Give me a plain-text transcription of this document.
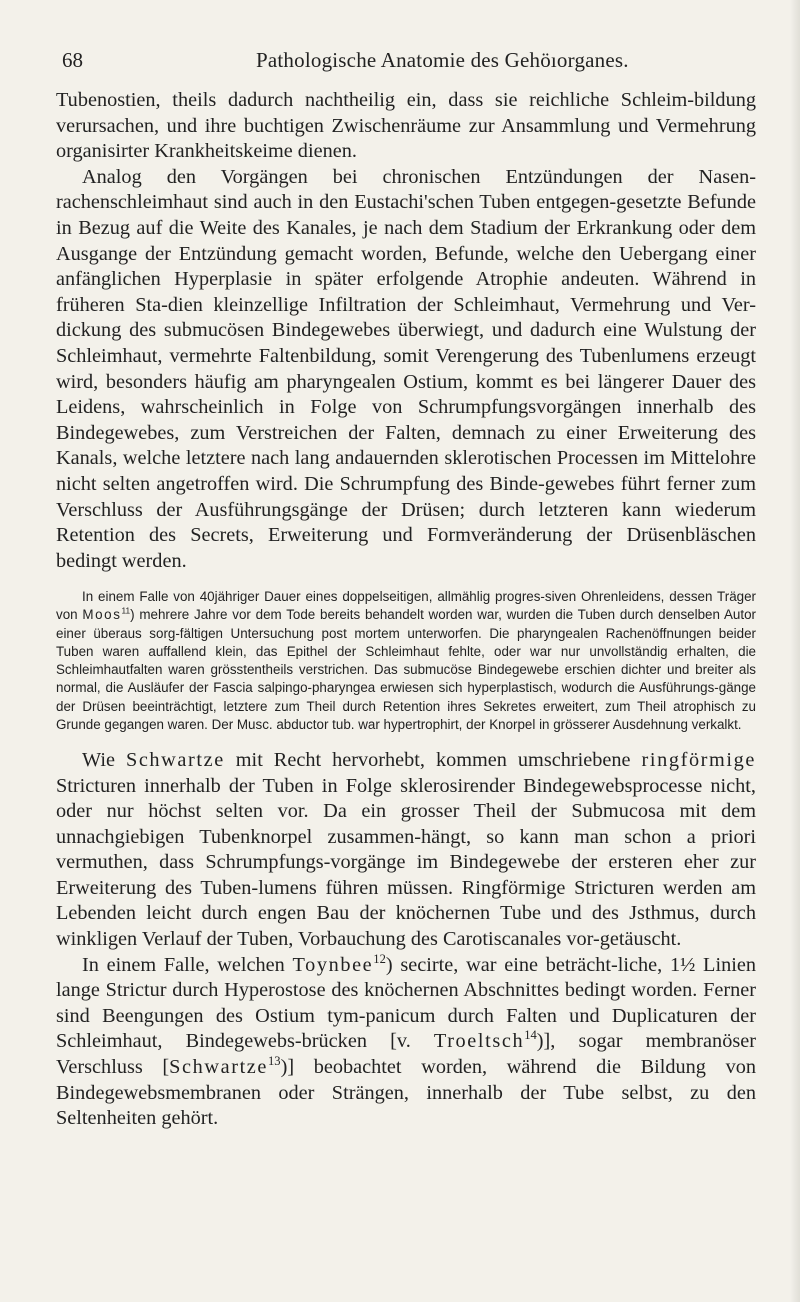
68	Pathologische Anatomie des Gehöıorganes.

Tubenostien, theils dadurch nachtheilig ein, dass sie reichliche Schleim-bildung verursachen, und ihre buchtigen Zwischenräume zur Ansammlung und Vermehrung organisirter Krankheitskeime dienen.

Analog den Vorgängen bei chronischen Entzündungen der Nasen-rachenschleimhaut sind auch in den Eustachi'schen Tuben entgegen-gesetzte Befunde in Bezug auf die Weite des Kanales, je nach dem Stadium der Erkrankung oder dem Ausgange der Entzündung gemacht worden, Befunde, welche den Uebergang einer anfänglichen Hyperplasie in später erfolgende Atrophie andeuten. Während in früheren Sta-dien kleinzellige Infiltration der Schleimhaut, Vermehrung und Ver-dickung des submucösen Bindegewebes überwiegt, und dadurch eine Wulstung der Schleimhaut, vermehrte Faltenbildung, somit Verengerung des Tubenlumens erzeugt wird, besonders häufig am pharyngealen Ostium, kommt es bei längerer Dauer des Leidens, wahrscheinlich in Folge von Schrumpfungsvorgängen innerhalb des Bindegewebes, zum Verstreichen der Falten, demnach zu einer Erweiterung des Kanals, welche letztere nach lang andauernden sklerotischen Processen im Mittelohre nicht selten angetroffen wird. Die Schrumpfung des Binde-gewebes führt ferner zum Verschluss der Ausführungsgänge der Drüsen; durch letzteren kann wiederum Retention des Secrets, Erweiterung und Formveränderung der Drüsenbläschen bedingt werden.

In einem Falle von 40jähriger Dauer eines doppelseitigen, allmählig progres-siven Ohrenleidens, dessen Träger von Moos$^{11}$) mehrere Jahre vor dem Tode bereits behandelt worden war, wurden die Tuben durch denselben Autor einer überaus sorg-fältigen Untersuchung post mortem unterworfen. Die pharyngealen Rachenöffnungen beider Tuben waren auffallend klein, das Epithel der Schleimhaut fehlte, oder war nur unvollständig erhalten, die Schleimhautfalten waren grösstentheils verstrichen. Das submucöse Bindegewebe erschien dichter und breiter als normal, die Ausläufer der Fascia salpingo-pharyngea erwiesen sich hyperplastisch, wodurch die Ausführungs-gänge der Drüsen beeinträchtigt, letztere zum Theil durch Retention ihres Sekretes erweitert, zum Theil atrophisch zu Grunde gegangen waren. Der Musc. abductor tub. war hypertrophirt, der Knorpel in grösserer Ausdehnung verkalkt.

Wie Schwartze mit Recht hervorhebt, kommen umschriebene ringförmige Stricturen innerhalb der Tuben in Folge sklerosirender Bindegewebsprocesse nicht, oder nur höchst selten vor. Da ein grosser Theil der Submucosa mit dem unnachgiebigen Tubenknorpel zusammen-hängt, so kann man schon a priori vermuthen, dass Schrumpfungs-vorgänge im Bindegewebe der ersteren eher zur Erweiterung des Tuben-lumens führen müssen. Ringförmige Stricturen werden am Lebenden leicht durch engen Bau der knöchernen Tube und des Jsthmus, durch winkligen Verlauf der Tuben, Vorbauchung des Carotiscanales vor-getäuscht.

In einem Falle, welchen Toynbee$^{12}$) secirte, war eine beträcht-liche, 1½ Linien lange Strictur durch Hyperostose des knöchernen Abschnittes bedingt worden. Ferner sind Beengungen des Ostium tym-panicum durch Falten und Duplicaturen der Schleimhaut, Bindegewebs-brücken [v. Troeltsch$^{14}$)], sogar membranöser Verschluss [Schwartze$^{13}$)] beobachtet worden, während die Bildung von Bindegewebsmembranen oder Strängen, innerhalb der Tube selbst, zu den Seltenheiten gehört.
